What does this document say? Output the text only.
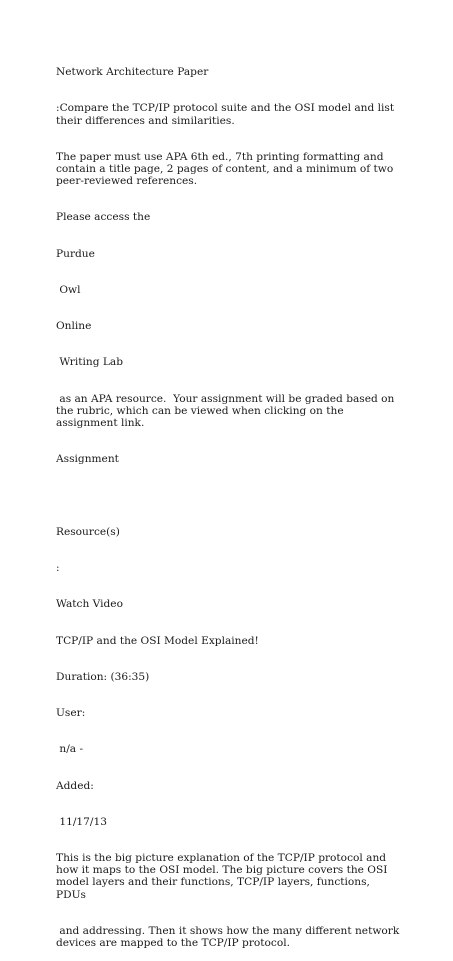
Network Architecture Paper

:Compare the TCP/IP protocol suite and the OSI model and list their differences and similarities.

The paper must use APA 6th ed., 7th printing formatting and contain a title page, 2 pages of content, and a minimum of two peer-reviewed references.

Please access the

Purdue

Owl

Online

Writing Lab

as an APA resource.  Your assignment will be graded based on the rubric, which can be viewed when clicking on the assignment link.

Assignment

Resource(s)

:

Watch Video

TCP/IP and the OSI Model Explained!

Duration: (36:35)

User:

n/a -

Added:

11/17/13

This is the big picture explanation of the TCP/IP protocol and how it maps to the OSI model. The big picture covers the OSI model layers and their functions, TCP/IP layers, functions, PDUs

and addressing. Then it shows how the many different network devices are mapped to the TCP/IP protocol.
